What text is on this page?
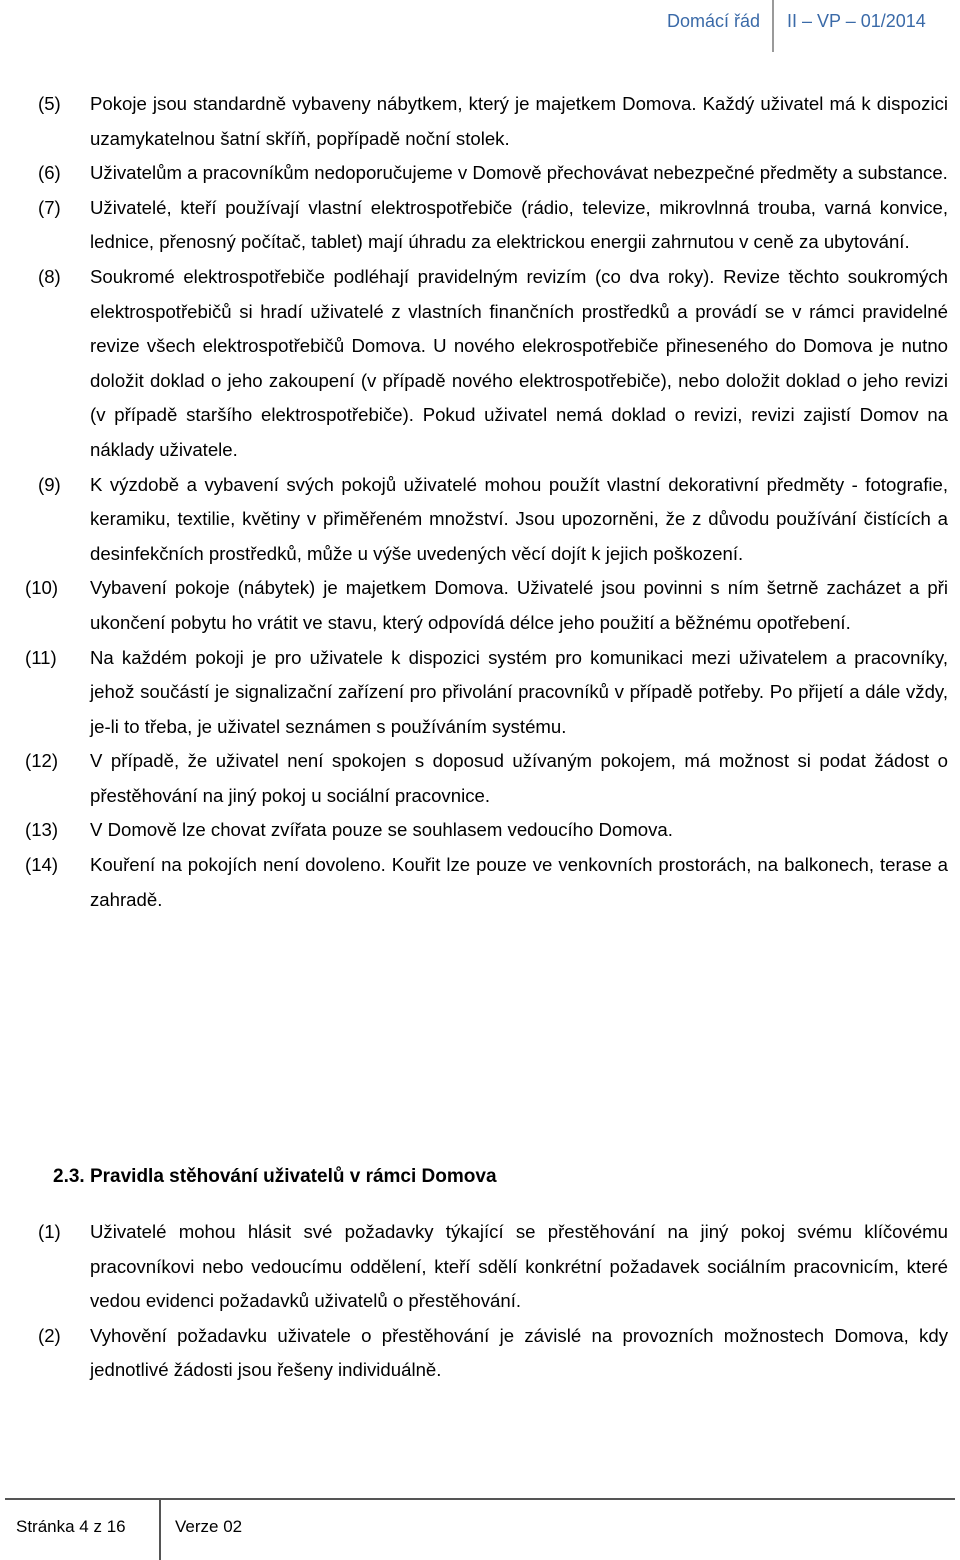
Domácí řád II – VP – 01/2014
(5) Pokoje jsou standardně vybaveny nábytkem, který je majetkem Domova. Každý uživatel má k dispozici uzamykatelnou šatní skříň, popřípadě noční stolek.
(6) Uživatelům a pracovníkům nedoporučujeme v Domově přechovávat nebezpečné předměty a substance.
(7) Uživatelé, kteří používají vlastní elektrospotřebiče (rádio, televize, mikrovlnná trouba, varná konvice, lednice, přenosný počítač, tablet) mají úhradu za elektrickou energii zahrnutou v ceně za ubytování.
(8) Soukromé elektrospotřebiče podléhají pravidelným revizím (co dva roky). Revize těchto soukromých elektrospotřebičů si hradí uživatelé z vlastních finančních prostředků a provádí se v rámci pravidelné revize všech elektrospotřebičů Domova. U nového elekrospotřebiče přineseného do Domova je nutno doložit doklad o jeho zakoupení (v případě nového elektrospotřebiče), nebo doložit doklad o jeho revizi (v případě staršího elektrospotřebiče). Pokud uživatel nemá doklad o revizi, revizi zajistí Domov na náklady uživatele.
(9) K výzdobě a vybavení svých pokojů uživatelé mohou použít vlastní dekorativní předměty - fotografie, keramiku, textilie, květiny v přiměřeném množství. Jsou upozorněni, že z důvodu používání čistících a desinfekčních prostředků, může u výše uvedených věcí dojít k jejich poškození.
(10) Vybavení pokoje (nábytek) je majetkem Domova. Uživatelé jsou povinni s ním šetrně zacházet a při ukončení pobytu ho vrátit ve stavu, který odpovídá délce jeho použití a běžnému opotřebení.
(11) Na každém pokoji je pro uživatele k dispozici systém pro komunikaci mezi uživatelem a pracovníky, jehož součástí je signalizační zařízení pro přivolání pracovníků v případě potřeby. Po přijetí a dále vždy, je-li to třeba, je uživatel seznámen s používáním systému.
(12) V případě, že uživatel není spokojen s doposud užívaným pokojem, má možnost si podat žádost o přestěhování na jiný pokoj u sociální pracovnice.
(13) V Domově lze chovat zvířata pouze se souhlasem vedoucího Domova.
(14) Kouření na pokojích není dovoleno. Kouřit lze pouze ve venkovních prostorách, na balkonech, terase a zahradě.
2.3. Pravidla stěhování uživatelů v rámci Domova
(1) Uživatelé mohou hlásit své požadavky týkající se přestěhování na jiný pokoj svému klíčovému pracovníkovi nebo vedoucímu oddělení, kteří sdělí konkrétní požadavek sociálním pracovnicím, které vedou evidenci požadavků uživatelů o přestěhování.
(2) Vyhovění požadavku uživatele o přestěhování je závislé na provozních možnostech Domova, kdy jednotlivé žádosti jsou řešeny individuálně.
Stránka 4 z 16	Verze 02
